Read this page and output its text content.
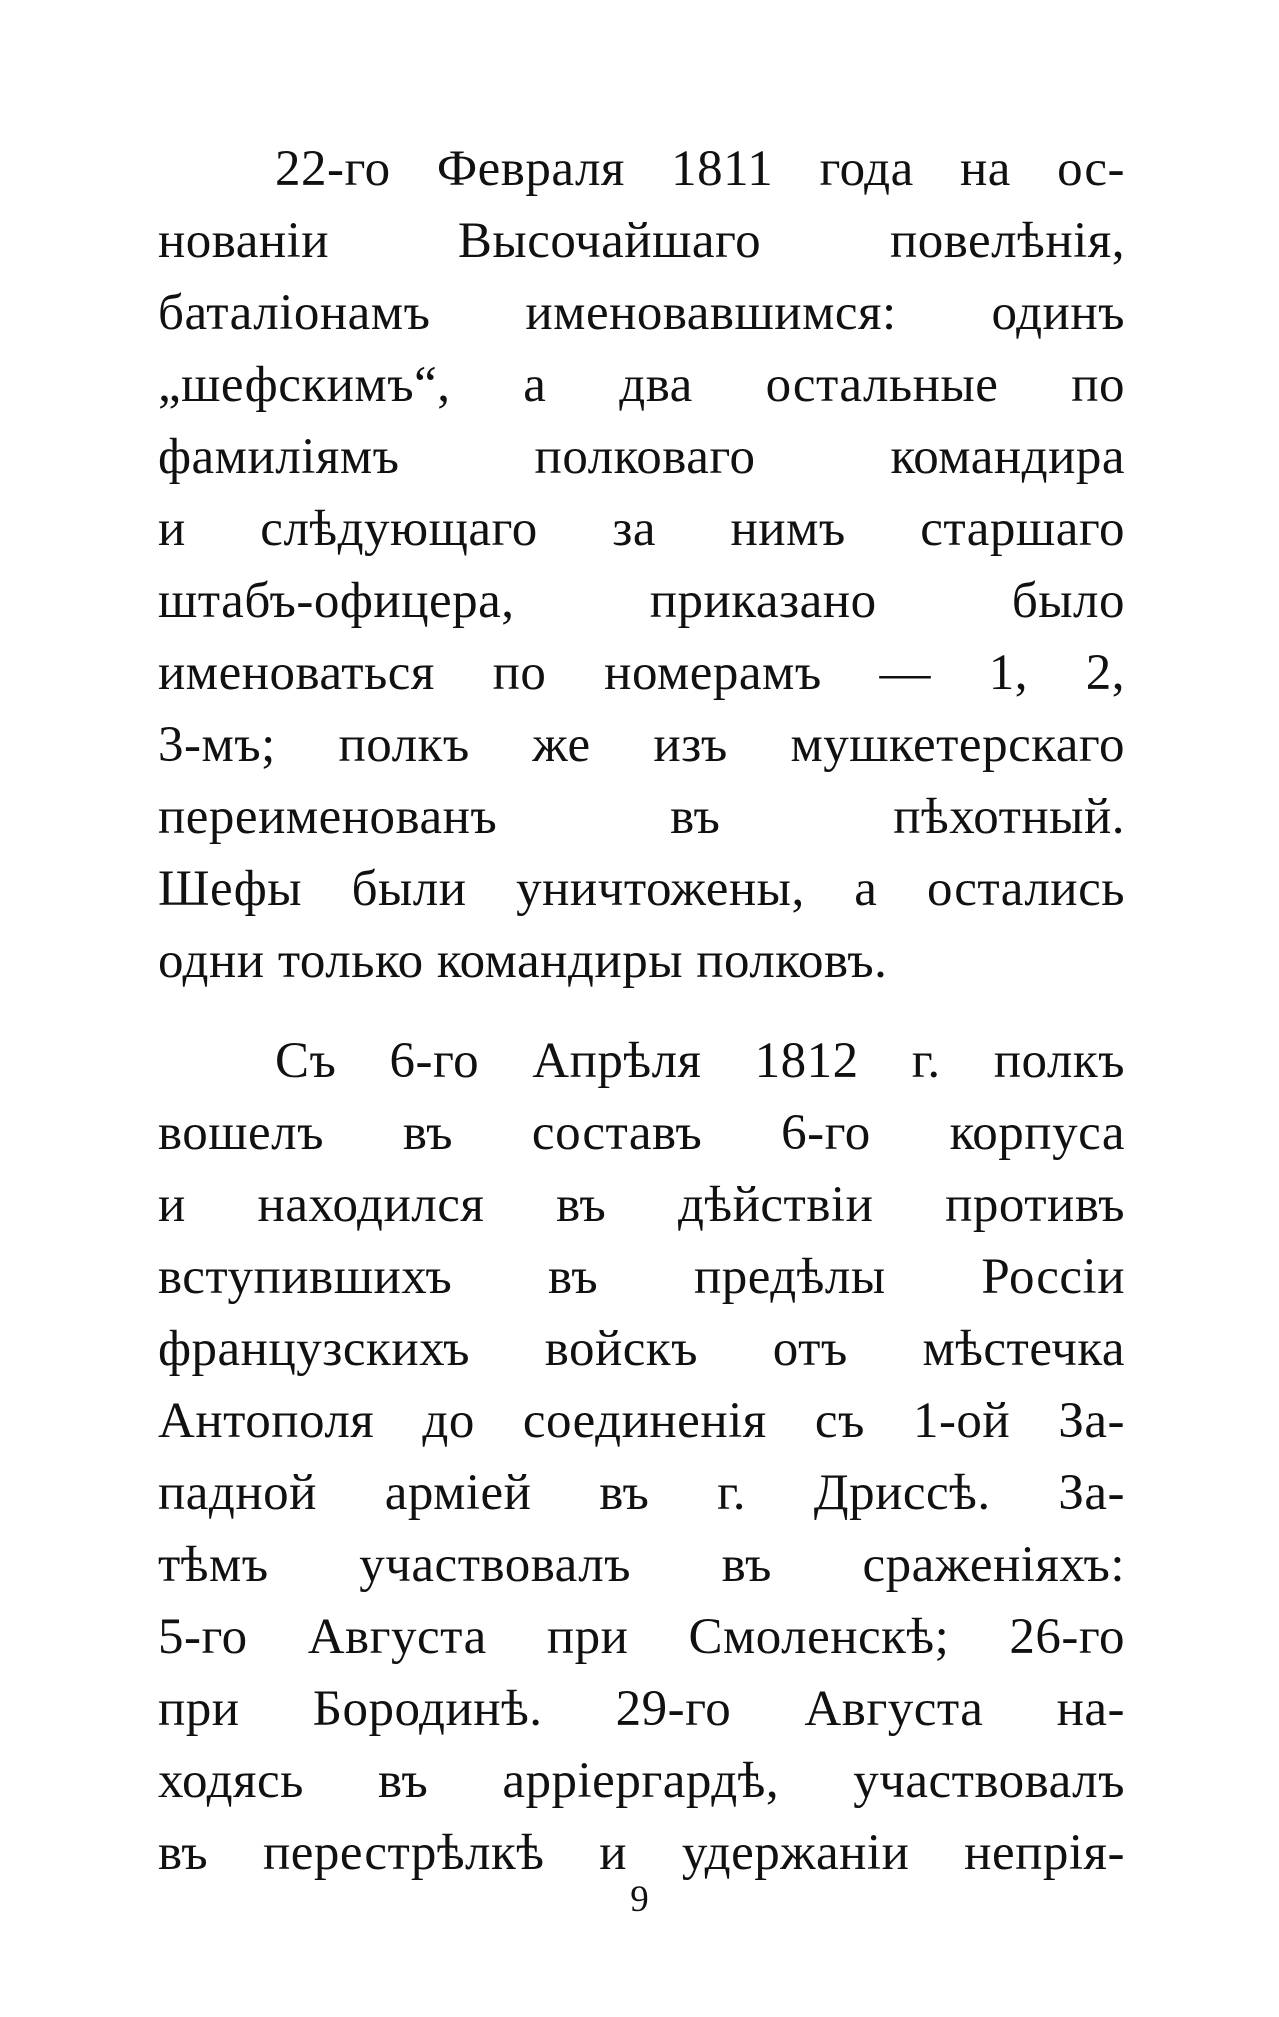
22-го Февраля 1811 года на ос-
нованіи Высочайшаго повелѣнія,
баталіонамъ именовавшимся: одинъ
„шефскимъ“, а два остальные по
фамиліямъ полковаго командира
и слѣдующаго за нимъ старшаго
штабъ-офицера, приказано было
именоваться по номерамъ — 1, 2,
3-мъ; полкъ же изъ мушкетерскаго
переименованъ въ пѣхотный.
Шефы были уничтожены, а остались
одни только командиры полковъ.
Съ 6-го Апрѣля 1812 г. полкъ
вошелъ въ составъ 6-го корпуса
и находился въ дѣйствіи противъ
вступившихъ въ предѣлы Россіи
французскихъ войскъ отъ мѣстечка
Антополя до соединенія съ 1-ой За-
падной арміей въ г. Дриссѣ. За-
тѣмъ участвовалъ въ сраженіяхъ:
5-го Августа при Смоленскѣ; 26-го
при Бородинѣ. 29-го Августа на-
ходясь въ аррiергардѣ, участвовалъ
въ перестрѣлкѣ и удержаніи непрія-
9
